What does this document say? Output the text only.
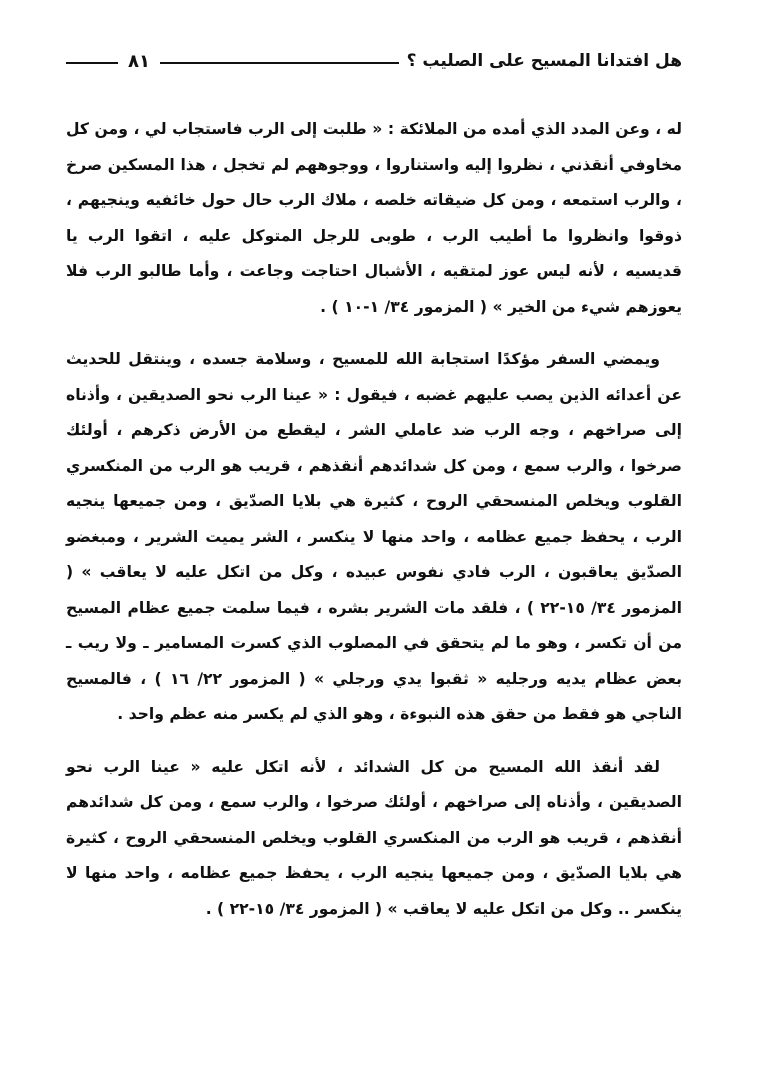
هل افتدانا المسيح على الصليب ؟
٨١

له ، وعن المدد الذي أمده من الملائكة : « طلبت إلى الرب فاستجاب لي ، ومن كل مخاوفي أنقذني ، نظروا إليه واستناروا ، ووجوههم لم تخجل ، هذا المسكين صرخ ، والرب استمعه ، ومن كل ضيقاته خلصه ، ملاك الرب حال حول خائفيه وينجيهم ، ذوقوا وانظروا ما أطيب الرب ، طوبى للرجل المتوكل عليه ، اتقوا الرب يا قديسيه ، لأنه ليس عوز لمتقيه ، الأشبال احتاجت وجاعت ، وأما طالبو الرب فلا يعوزهم شيء من الخير » ( المزمور ٣٤/ ١-١٠ ) .

ويمضي السفر مؤكدًا استجابة الله للمسيح ، وسلامة جسده ، وينتقل للحديث عن أعدائه الذين يصب عليهم غضبه ، فيقول : « عينا الرب نحو الصديقين ، وأذناه إلى صراخهم ، وجه الرب ضد عاملي الشر ، ليقطع من الأرض ذكرهم ، أولئك صرخوا ، والرب سمع ، ومن كل شدائدهم أنقذهم ، قريب هو الرب من المنكسري القلوب ويخلص المنسحقي الروح ، كثيرة هي بلايا الصدّيق ، ومن جميعها ينجيه الرب ، يحفظ جميع عظامه ، واحد منها لا ينكسر ، الشر يميت الشرير ، ومبغضو الصدّيق يعاقبون ، الرب فادي نفوس عبيده ، وكل من اتكل عليه لا يعاقب » ( المزمور ٣٤/ ١٥-٢٢ ) ، فلقد مات الشرير بشره ، فيما سلمت جميع عظام المسيح من أن تكسر ، وهو ما لم يتحقق في المصلوب الذي كسرت المسامير ـ ولا ريب ـ بعض عظام يديه ورجليه « ثقبوا يدي ورجلي » ( المزمور ٢٢/ ١٦ ) ، فالمسيح الناجي هو فقط من حقق هذه النبوءة ، وهو الذي لم يكسر منه عظم واحد .

لقد أنقذ الله المسيح من كل الشدائد ، لأنه اتكل عليه « عينا الرب نحو الصديقين ، وأذناه إلى صراخهم ، أولئك صرخوا ، والرب سمع ، ومن كل شدائدهم أنقذهم ، قريب هو الرب من المنكسري القلوب ويخلص المنسحقي الروح ، كثيرة هي بلايا الصدّيق ، ومن جميعها ينجيه الرب ، يحفظ جميع عظامه ، واحد منها لا ينكسر .. وكل من اتكل عليه لا يعاقب » ( المزمور ٣٤/ ١٥-٢٢ ) .
